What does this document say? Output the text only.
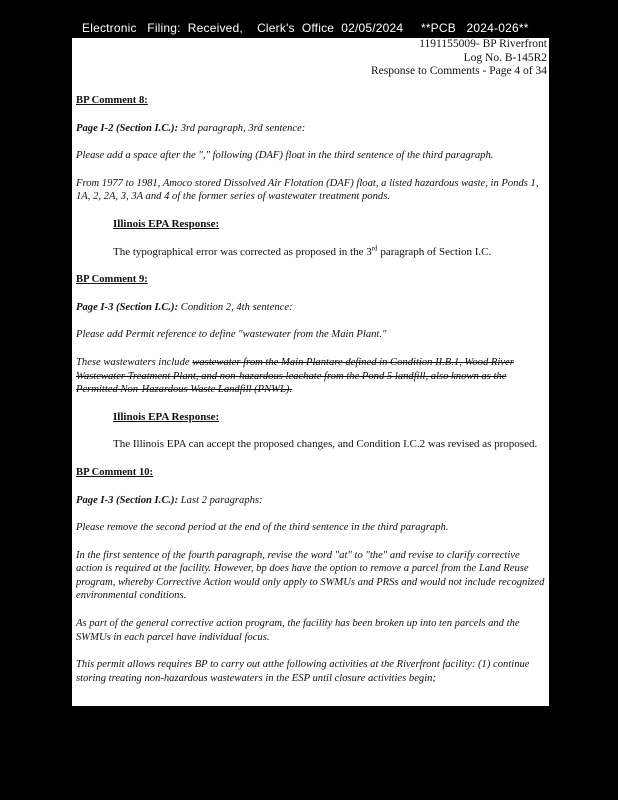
Electronic   Filing:  Received,    Clerk's  Office  02/05/2024     **PCB   2024-026**
1191155009- BP Riverfront
Log No. B-145R2
Response to Comments - Page 4 of 34

BP Comment 8:

Page I-2 (Section I.C.): 3rd paragraph, 3rd sentence:

Please add a space after the "," following (DAF) float in the third sentence of the third paragraph.

From 1977 to 1981, Amoco stored Dissolved Air Flotation (DAF) float, a listed hazardous waste, in Ponds 1, 1A, 2, 2A, 3, 3A and 4 of the former series of wastewater treatment ponds.

Illinois EPA Response:

The typographical error was corrected as proposed in the 3rd paragraph of Section I.C.

BP Comment 9:

Page I-3 (Section I.C.): Condition 2, 4th sentence:

Please add Permit reference to define "wastewater from the Main Plant."

These wastewaters include wastewater from the Main Plantare defined in Condition II.B.1, Wood River Wastewater Treatment Plant, and non-hazardous leachate from the Pond 5 landfill, also known as the Permitted Non-Hazardous Waste Landfill (PNWL).

Illinois EPA Response:

The Illinois EPA can accept the proposed changes, and Condition I.C.2 was revised as proposed.

BP Comment 10:

Page I-3 (Section I.C.): Last 2 paragraphs:

Please remove the second period at the end of the third sentence in the third paragraph.

In the first sentence of the fourth paragraph, revise the word "at" to "the" and revise to clarify corrective action is required at the facility. However, bp does have the option to remove a parcel from the Land Reuse program, whereby Corrective Action would only apply to SWMUs and PRSs and would not include recognized environmental conditions.

As part of the general corrective action program, the facility has been broken up into ten parcels and the SWMUs in each parcel have individual focus.

This permit allows requires BP to carry out atthe following activities at the Riverfront facility: (1) continue storing treating non-hazardous wastewaters in the ESP until closure activities begin;
